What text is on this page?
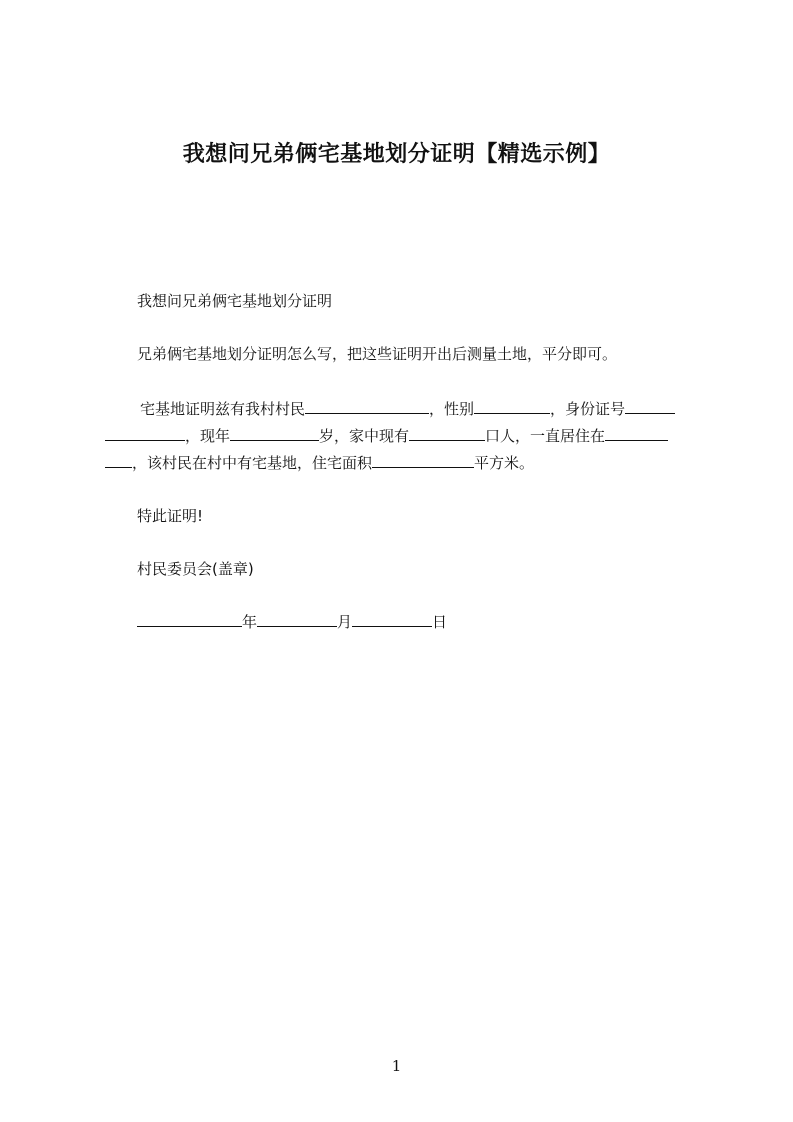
我想问兄弟俩宅基地划分证明【精选示例】
我想问兄弟俩宅基地划分证明
兄弟俩宅基地划分证明怎么写，把这些证明开出后测量土地，平分即可。
宅基地证明兹有我村村民	，性别	，身份证号
，现年	岁，家中现有	口人，一直居住在
，该村民在村中有宅基地，住宅面积	平方米。
特此证明!
村民委员会(盖章)
年	月	日
1
